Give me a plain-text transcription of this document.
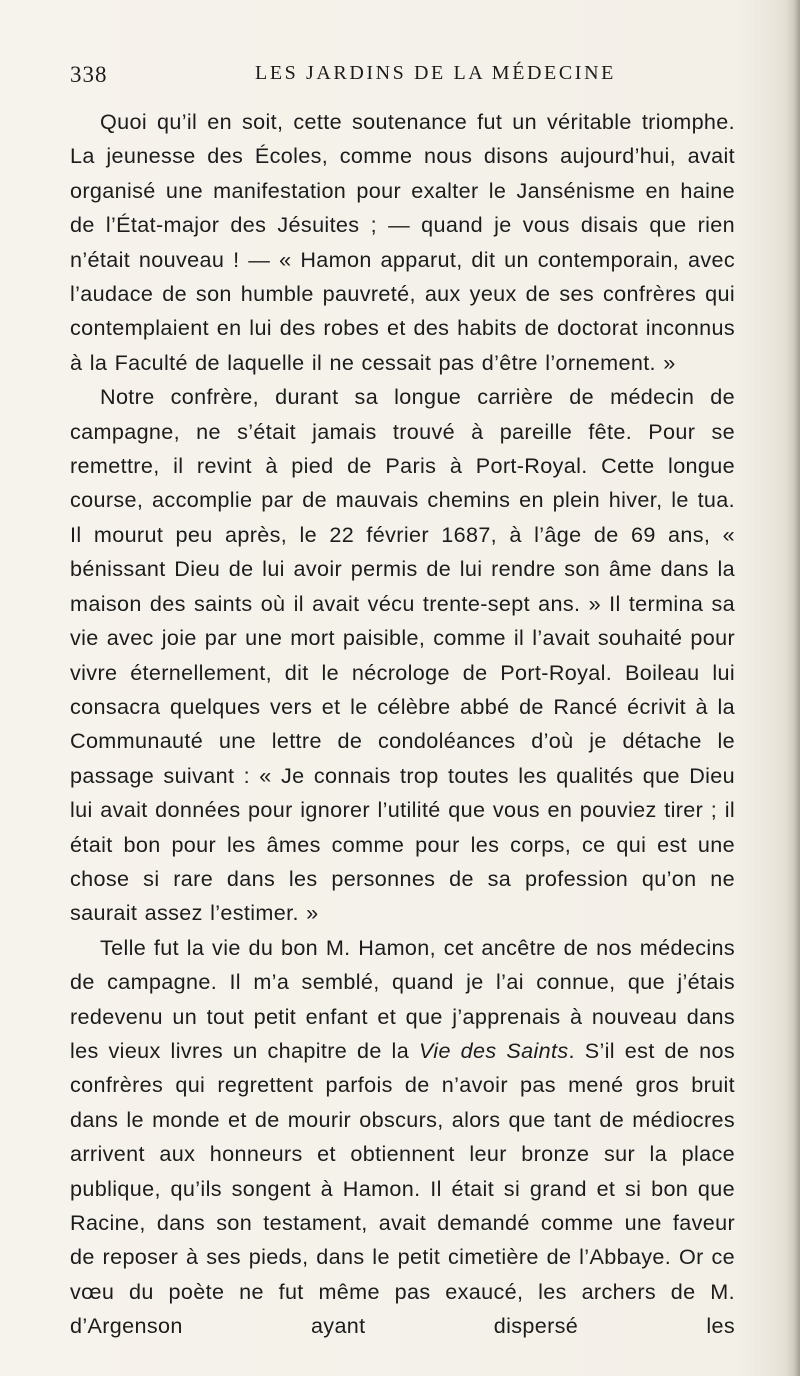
338	LES JARDINS DE LA MÉDECINE

Quoi qu’il en soit, cette soutenance fut un véritable triomphe. La jeunesse des Écoles, comme nous disons aujourd’hui, avait organisé une manifestation pour exalter le Jansénisme en haine de l’État-major des Jésuites ; — quand je vous disais que rien n’était nouveau ! — « Hamon apparut, dit un contemporain, avec l’audace de son humble pauvreté, aux yeux de ses confrères qui contemplaient en lui des robes et des habits de doctorat inconnus à la Faculté de laquelle il ne cessait pas d’être l’ornement. »

Notre confrère, durant sa longue carrière de médecin de campagne, ne s’était jamais trouvé à pareille fête. Pour se remettre, il revint à pied de Paris à Port-Royal. Cette longue course, accomplie par de mauvais chemins en plein hiver, le tua. Il mourut peu après, le 22 février 1687, à l’âge de 69 ans, « bénissant Dieu de lui avoir permis de lui rendre son âme dans la maison des saints où il avait vécu trente-sept ans. » Il termina sa vie avec joie par une mort paisible, comme il l’avait souhaité pour vivre éternellement, dit le nécrologe de Port-Royal. Boileau lui consacra quelques vers et le célèbre abbé de Rancé écrivit à la Communauté une lettre de condoléances d’où je détache le passage suivant : « Je connais trop toutes les qualités que Dieu lui avait données pour ignorer l’utilité que vous en pouviez tirer ; il était bon pour les âmes comme pour les corps, ce qui est une chose si rare dans les personnes de sa profession qu’on ne saurait assez l’estimer. »

Telle fut la vie du bon M. Hamon, cet ancêtre de nos médecins de campagne. Il m’a semblé, quand je l’ai connue, que j’étais redevenu un tout petit enfant et que j’apprenais à nouveau dans les vieux livres un chapitre de la Vie des Saints. S’il est de nos confrères qui regrettent parfois de n’avoir pas mené gros bruit dans le monde et de mourir obscurs, alors que tant de médiocres arrivent aux honneurs et obtiennent leur bronze sur la place publique, qu’ils songent à Hamon. Il était si grand et si bon que Racine, dans son testament, avait demandé comme une faveur de reposer à ses pieds, dans le petit cimetière de l’Abbaye. Or ce vœu du poète ne fut même pas exaucé, les archers de M. d’Argenson ayant dispersé les
